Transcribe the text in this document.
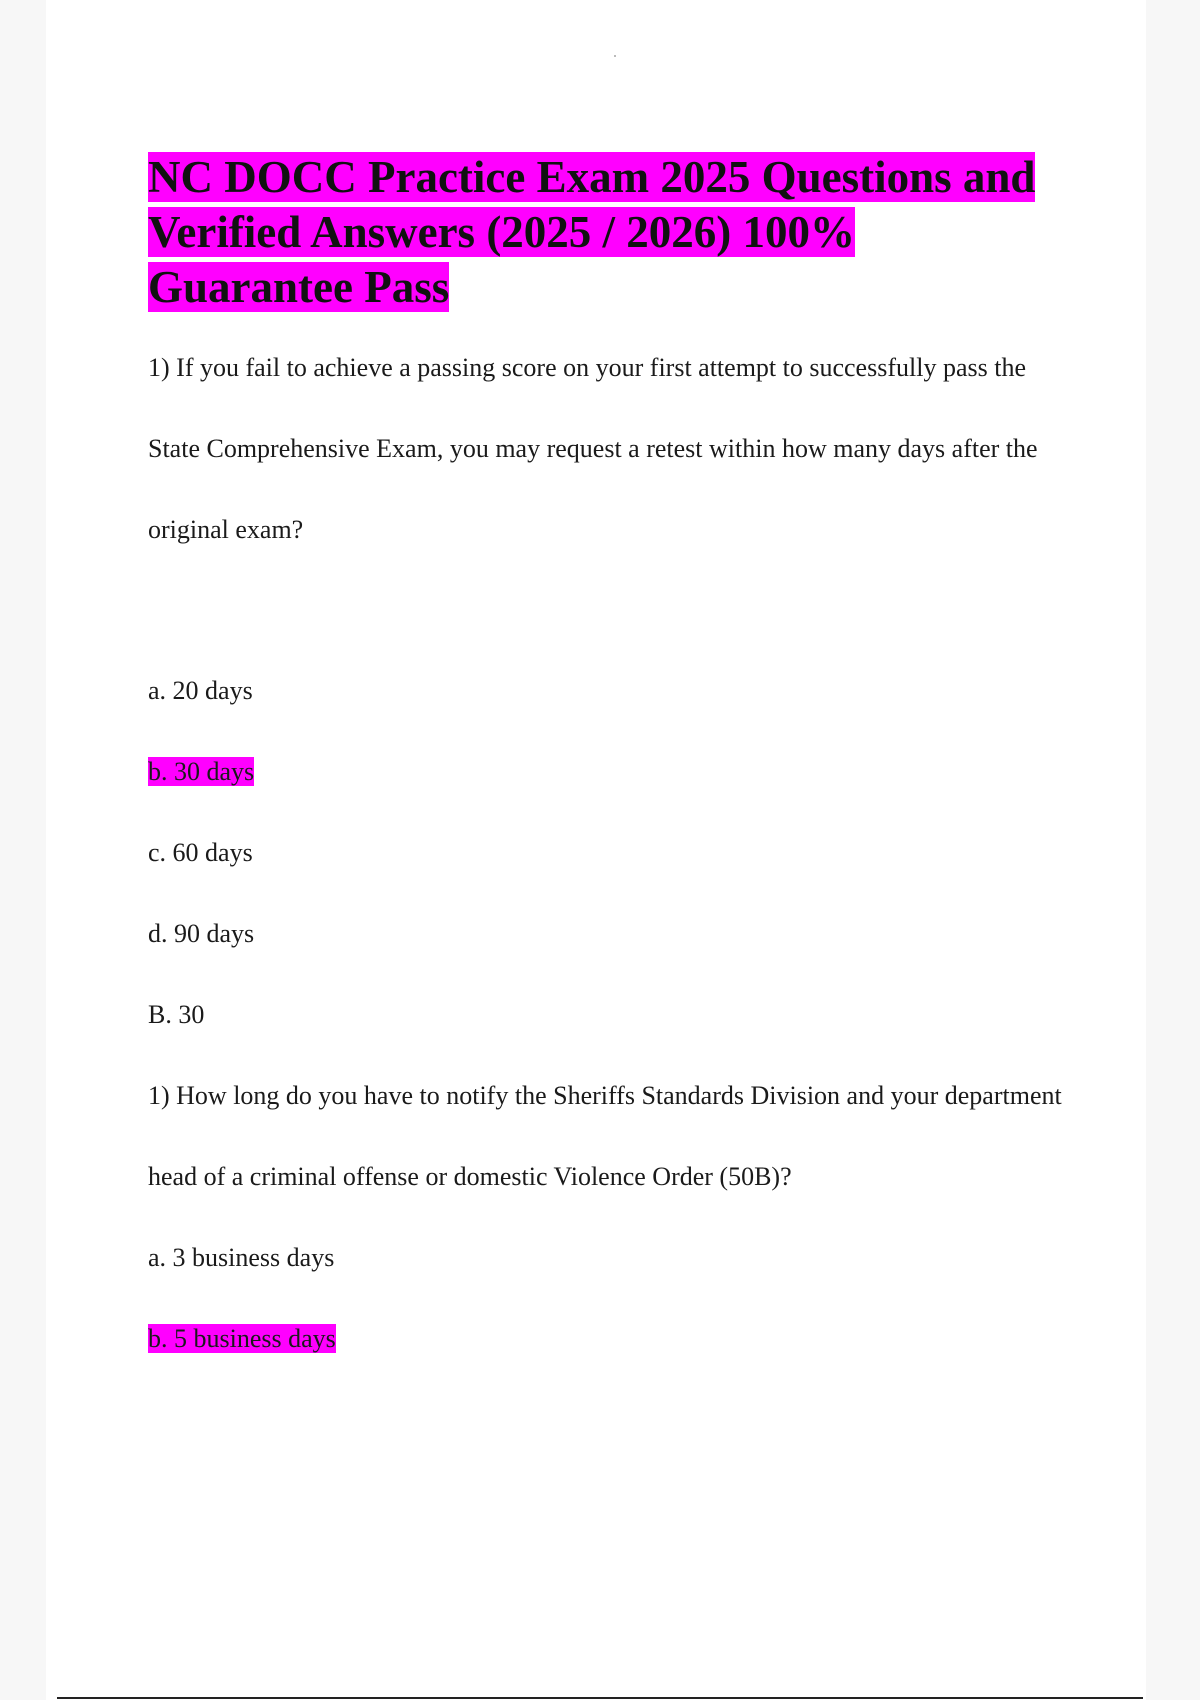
NC DOCC Practice Exam 2025 Questions and Verified Answers (2025 / 2026) 100% Guarantee Pass

1) If you fail to achieve a passing score on your first attempt to successfully pass the State Comprehensive Exam, you may request a retest within how many days after the original exam?

a. 20 days

b. 30 days

c. 60 days

d. 90 days

B. 30

1) How long do you have to notify the Sheriffs Standards Division and your department head of a criminal offense or domestic Violence Order (50B)?

a. 3 business days

b. 5 business days
